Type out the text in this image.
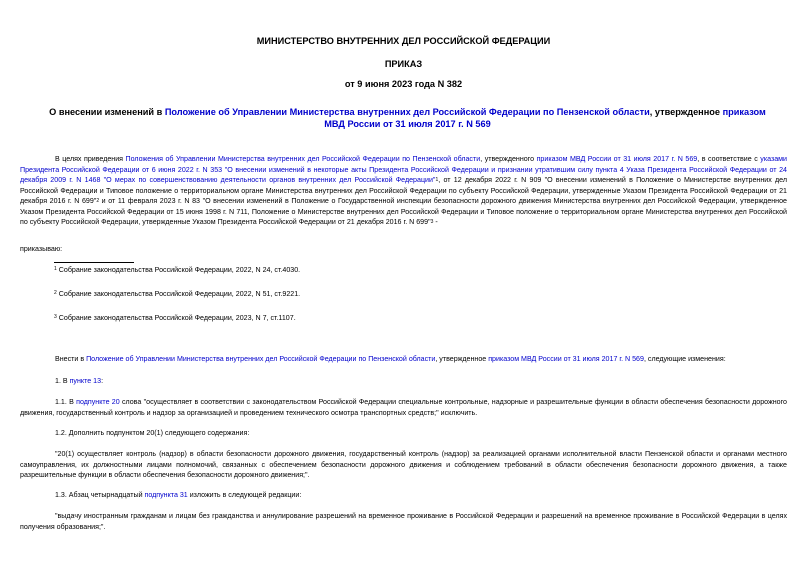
МИНИСТЕРСТВО ВНУТРЕННИХ ДЕЛ РОССИЙСКОЙ ФЕДЕРАЦИИ
ПРИКАЗ
от 9 июня 2023 года N 382
О внесении изменений в Положение об Управлении Министерства внутренних дел Российской Федерации по Пензенской области, утвержденное приказом МВД России от 31 июля 2017 г. N 569
В целях приведения Положения об Управлении Министерства внутренних дел Российской Федерации по Пензенской области, утвержденного приказом МВД России от 31 июля 2017 г. N 569, в соответствие с указами Президента Российской Федерации от 6 июня 2022 г. N 353 "О внесении изменений в некоторые акты Президента Российской Федерации и признании утратившим силу пункта 4 Указа Президента Российской Федерации от 24 декабря 2009 г. N 1468 "О мерах по совершенствованию деятельности органов внутренних дел Российской Федерации"$^1$, от 12 декабря 2022 г. N 909 "О внесении изменений в Положение о Министерстве внутренних дел Российской Федерации и Типовое положение о территориальном органе Министерства внутренних дел Российской Федерации по субъекту Российской Федерации, утвержденные Указом Президента Российской Федерации от 21 декабря 2016 г. N 699"$^2$ и от 11 февраля 2023 г. N 83 "О внесении изменений в Положение о Государственной инспекции безопасности дорожного движения Министерства внутренних дел Российской Федерации, утвержденное Указом Президента Российской Федерации от 15 июня 1998 г. N 711, Положение о Министерстве внутренних дел Российской Федерации и Типовое положение о территориальном органе Министерства внутренних дел Российской по субъекту Российской Федерации, утвержденные Указом Президента Российской Федерации от 21 декабря 2016 г. N 699"$^3$ -
приказываю:
$^1$ Собрание законодательства Российской Федерации, 2022, N 24, ст.4030.
$^2$ Собрание законодательства Российской Федерации, 2022, N 51, ст.9221.
$^3$ Собрание законодательства Российской Федерации, 2023, N 7, ст.1107.
Внести в Положение об Управлении Министерства внутренних дел Российской Федерации по Пензенской области, утвержденное приказом МВД России от 31 июля 2017 г. N 569, следующие изменения:
1. В пункте 13:
1.1. В подпункте 20 слова "осуществляет в соответствии с законодательством Российской Федерации специальные контрольные, надзорные и разрешительные функции в области обеспечения безопасности дорожного движения, государственный контроль и надзор за организацией и проведением технического осмотра транспортных средств;" исключить.
1.2. Дополнить подпунктом 20(1) следующего содержания:
"20(1) осуществляет контроль (надзор) в области безопасности дорожного движения, государственный контроль (надзор) за реализацией органами исполнительной власти Пензенской области и органами местного самоуправления, их должностными лицами полномочий, связанных с обеспечением безопасности дорожного движения и соблюдением требований в области обеспечения безопасности дорожного движения, а также разрешительные функции в области обеспечения безопасности дорожного движения;".
1.3. Абзац четырнадцатый подпункта 31 изложить в следующей редакции:
"выдачу иностранным гражданам и лицам без гражданства и аннулирование разрешений на временное проживание в Российской Федерации и разрешений на временное проживание в Российской Федерации в целях получения образования;".
